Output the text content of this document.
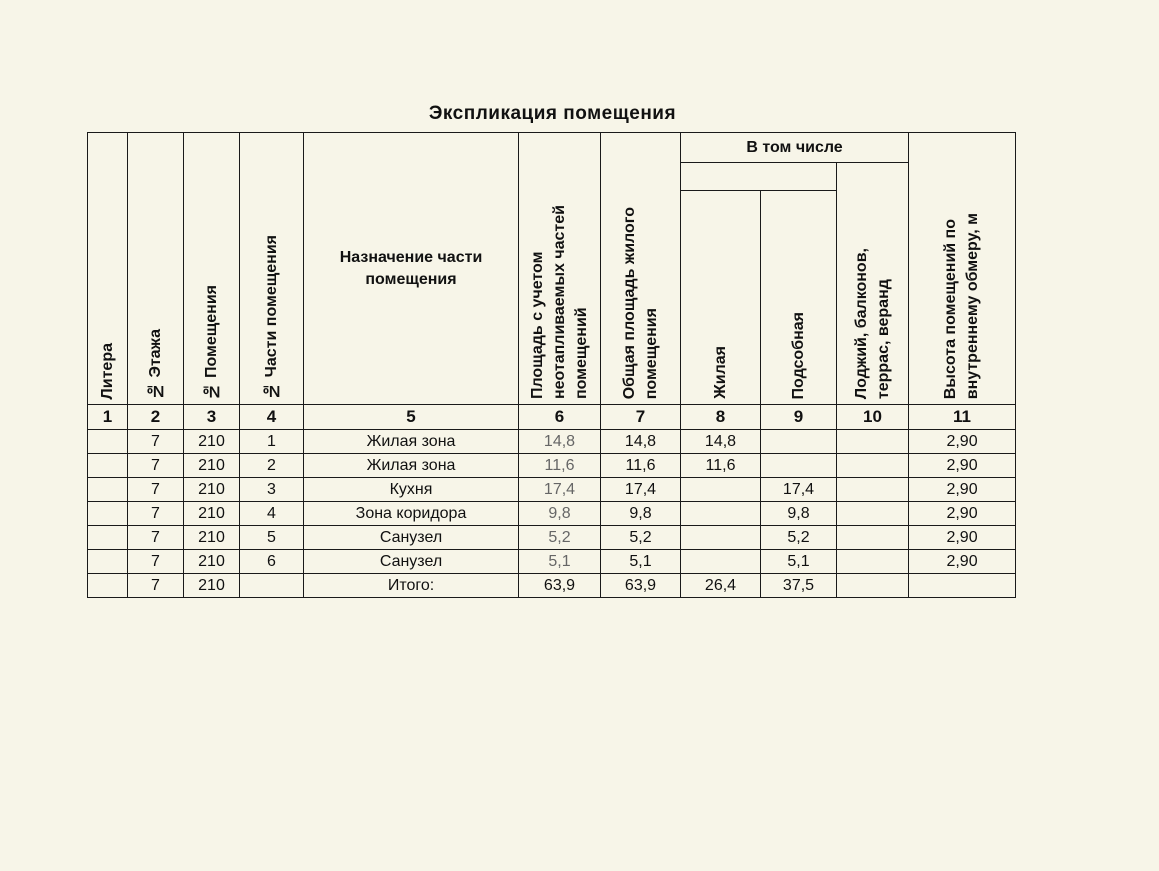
Экспликация помещения
Литера	№ Этажа	№ Помещения	№ Части помещения	Назначение части
помещения	Площадь с учетом
неотапливаемых частей
помещений	Общая площадь жилого
помещения	В том числе			Высота помещений по
внутреннему обмеру, м
									Лоджий, балконов,
террас, веранд	
							Жилая	Подсобная		
1	2	3	4	5	6	7	8	9	10	11
	7	210	1	Жилая зона	14,8	14,8	14,8			2,90
	7	210	2	Жилая зона	11,6	11,6	11,6			2,90
	7	210	3	Кухня	17,4	17,4		17,4		2,90
	7	210	4	Зона коридора	9,8	9,8		9,8		2,90
	7	210	5	Санузел	5,2	5,2		5,2		2,90
	7	210	6	Санузел	5,1	5,1		5,1		2,90
	7	210		Итого:	63,9	63,9	26,4	37,5		
